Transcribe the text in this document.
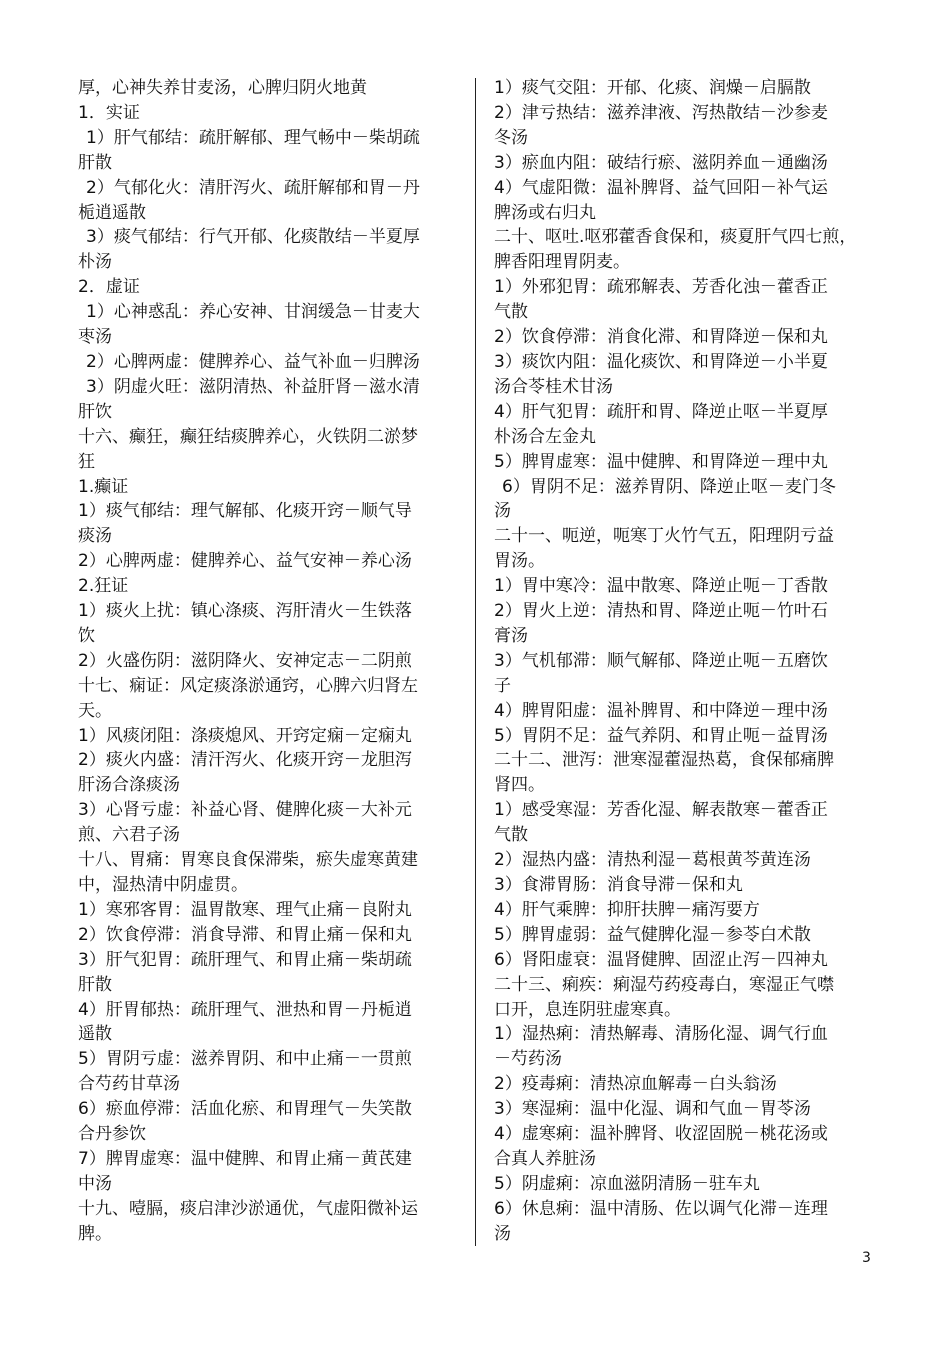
厚，心神失养甘麦汤，心脾归阴火地黄
1．实证
1）肝气郁结：疏肝解郁、理气畅中－柴胡疏
肝散
2）气郁化火：清肝泻火、疏肝解郁和胃－丹
栀逍遥散
3）痰气郁结：行气开郁、化痰散结－半夏厚
朴汤
2．虚证
1）心神惑乱：养心安神、甘润缓急－甘麦大
枣汤
2）心脾两虚：健脾养心、益气补血－归脾汤
3）阴虚火旺：滋阴清热、补益肝肾－滋水清
肝饮
十六、癫狂，癫狂结痰脾养心，火铁阴二淤梦
狂
1.癫证
1）痰气郁结：理气解郁、化痰开窍－顺气导
痰汤
2）心脾两虚：健脾养心、益气安神－养心汤
2.狂证
1）痰火上扰：镇心涤痰、泻肝清火－生铁落
饮
2）火盛伤阴：滋阴降火、安神定志－二阴煎
十七、痫证：风定痰涤淤通窍，心脾六归肾左
天。
1）风痰闭阻：涤痰熄风、开窍定痫－定痫丸
2）痰火内盛：清汗泻火、化痰开窍－龙胆泻
肝汤合涤痰汤
3）心肾亏虚：补益心肾、健脾化痰－大补元
煎、六君子汤
十八、胃痛：胃寒良食保滞柴，瘀失虚寒黄建
中，湿热清中阴虚贯。
1）寒邪客胃：温胃散寒、理气止痛－良附丸
2）饮食停滞：消食导滞、和胃止痛－保和丸
3）肝气犯胃：疏肝理气、和胃止痛－柴胡疏
肝散
4）肝胃郁热：疏肝理气、泄热和胃－丹栀逍
遥散
5）胃阴亏虚：滋养胃阴、和中止痛－一贯煎
合芍药甘草汤
6）瘀血停滞：活血化瘀、和胃理气－失笑散
合丹参饮
7）脾胃虚寒：温中健脾、和胃止痛－黄芪建
中汤
十九、噎膈，痰启津沙淤通优，气虚阳微补运
脾。
1）痰气交阻：开郁、化痰、润燥－启膈散
2）津亏热结：滋养津液、泻热散结－沙参麦
冬汤
3）瘀血内阻：破结行瘀、滋阴养血－通幽汤
4）气虚阳微：温补脾肾、益气回阳－补气运
脾汤或右归丸
二十、呕吐.呕邪藿香食保和，痰夏肝气四七煎，
脾香阳理胃阴麦。
1）外邪犯胃：疏邪解表、芳香化浊－藿香正
气散
2）饮食停滞：消食化滞、和胃降逆－保和丸
3）痰饮内阻：温化痰饮、和胃降逆－小半夏
汤合苓桂术甘汤
4）肝气犯胃：疏肝和胃、降逆止呕－半夏厚
朴汤合左金丸
5）脾胃虚寒：温中健脾、和胃降逆－理中丸
6）胃阴不足：滋养胃阴、降逆止呕－麦门冬
汤
二十一、呃逆，呃寒丁火竹气五，阳理阴亏益
胃汤。
1）胃中寒冷：温中散寒、降逆止呃－丁香散
2）胃火上逆：清热和胃、降逆止呃－竹叶石
膏汤
3）气机郁滞：顺气解郁、降逆止呃－五磨饮
子
4）脾胃阳虚：温补脾胃、和中降逆－理中汤
5）胃阴不足：益气养阴、和胃止呃－益胃汤
二十二、泄泻：泄寒湿藿湿热葛，食保郁痛脾
肾四。
1）感受寒湿：芳香化湿、解表散寒－藿香正
气散
2）湿热内盛：清热利湿－葛根黄芩黄连汤
3）食滞胃肠：消食导滞－保和丸
4）肝气乘脾：抑肝扶脾－痛泻要方
5）脾胃虚弱：益气健脾化湿－参苓白术散
6）肾阳虚衰：温肾健脾、固涩止泻－四神丸
二十三、痢疾：痢湿芍药疫毒白，寒湿正气噤
口开，息连阴驻虚寒真。
1）湿热痢：清热解毒、清肠化湿、调气行血
－芍药汤
2）疫毒痢：清热凉血解毒－白头翁汤
3）寒湿痢：温中化湿、调和气血－胃苓汤
4）虚寒痢：温补脾肾、收涩固脱－桃花汤或
合真人养脏汤
5）阴虚痢：凉血滋阴清肠－驻车丸
6）休息痢：温中清肠、佐以调气化滞－连理
汤
3
